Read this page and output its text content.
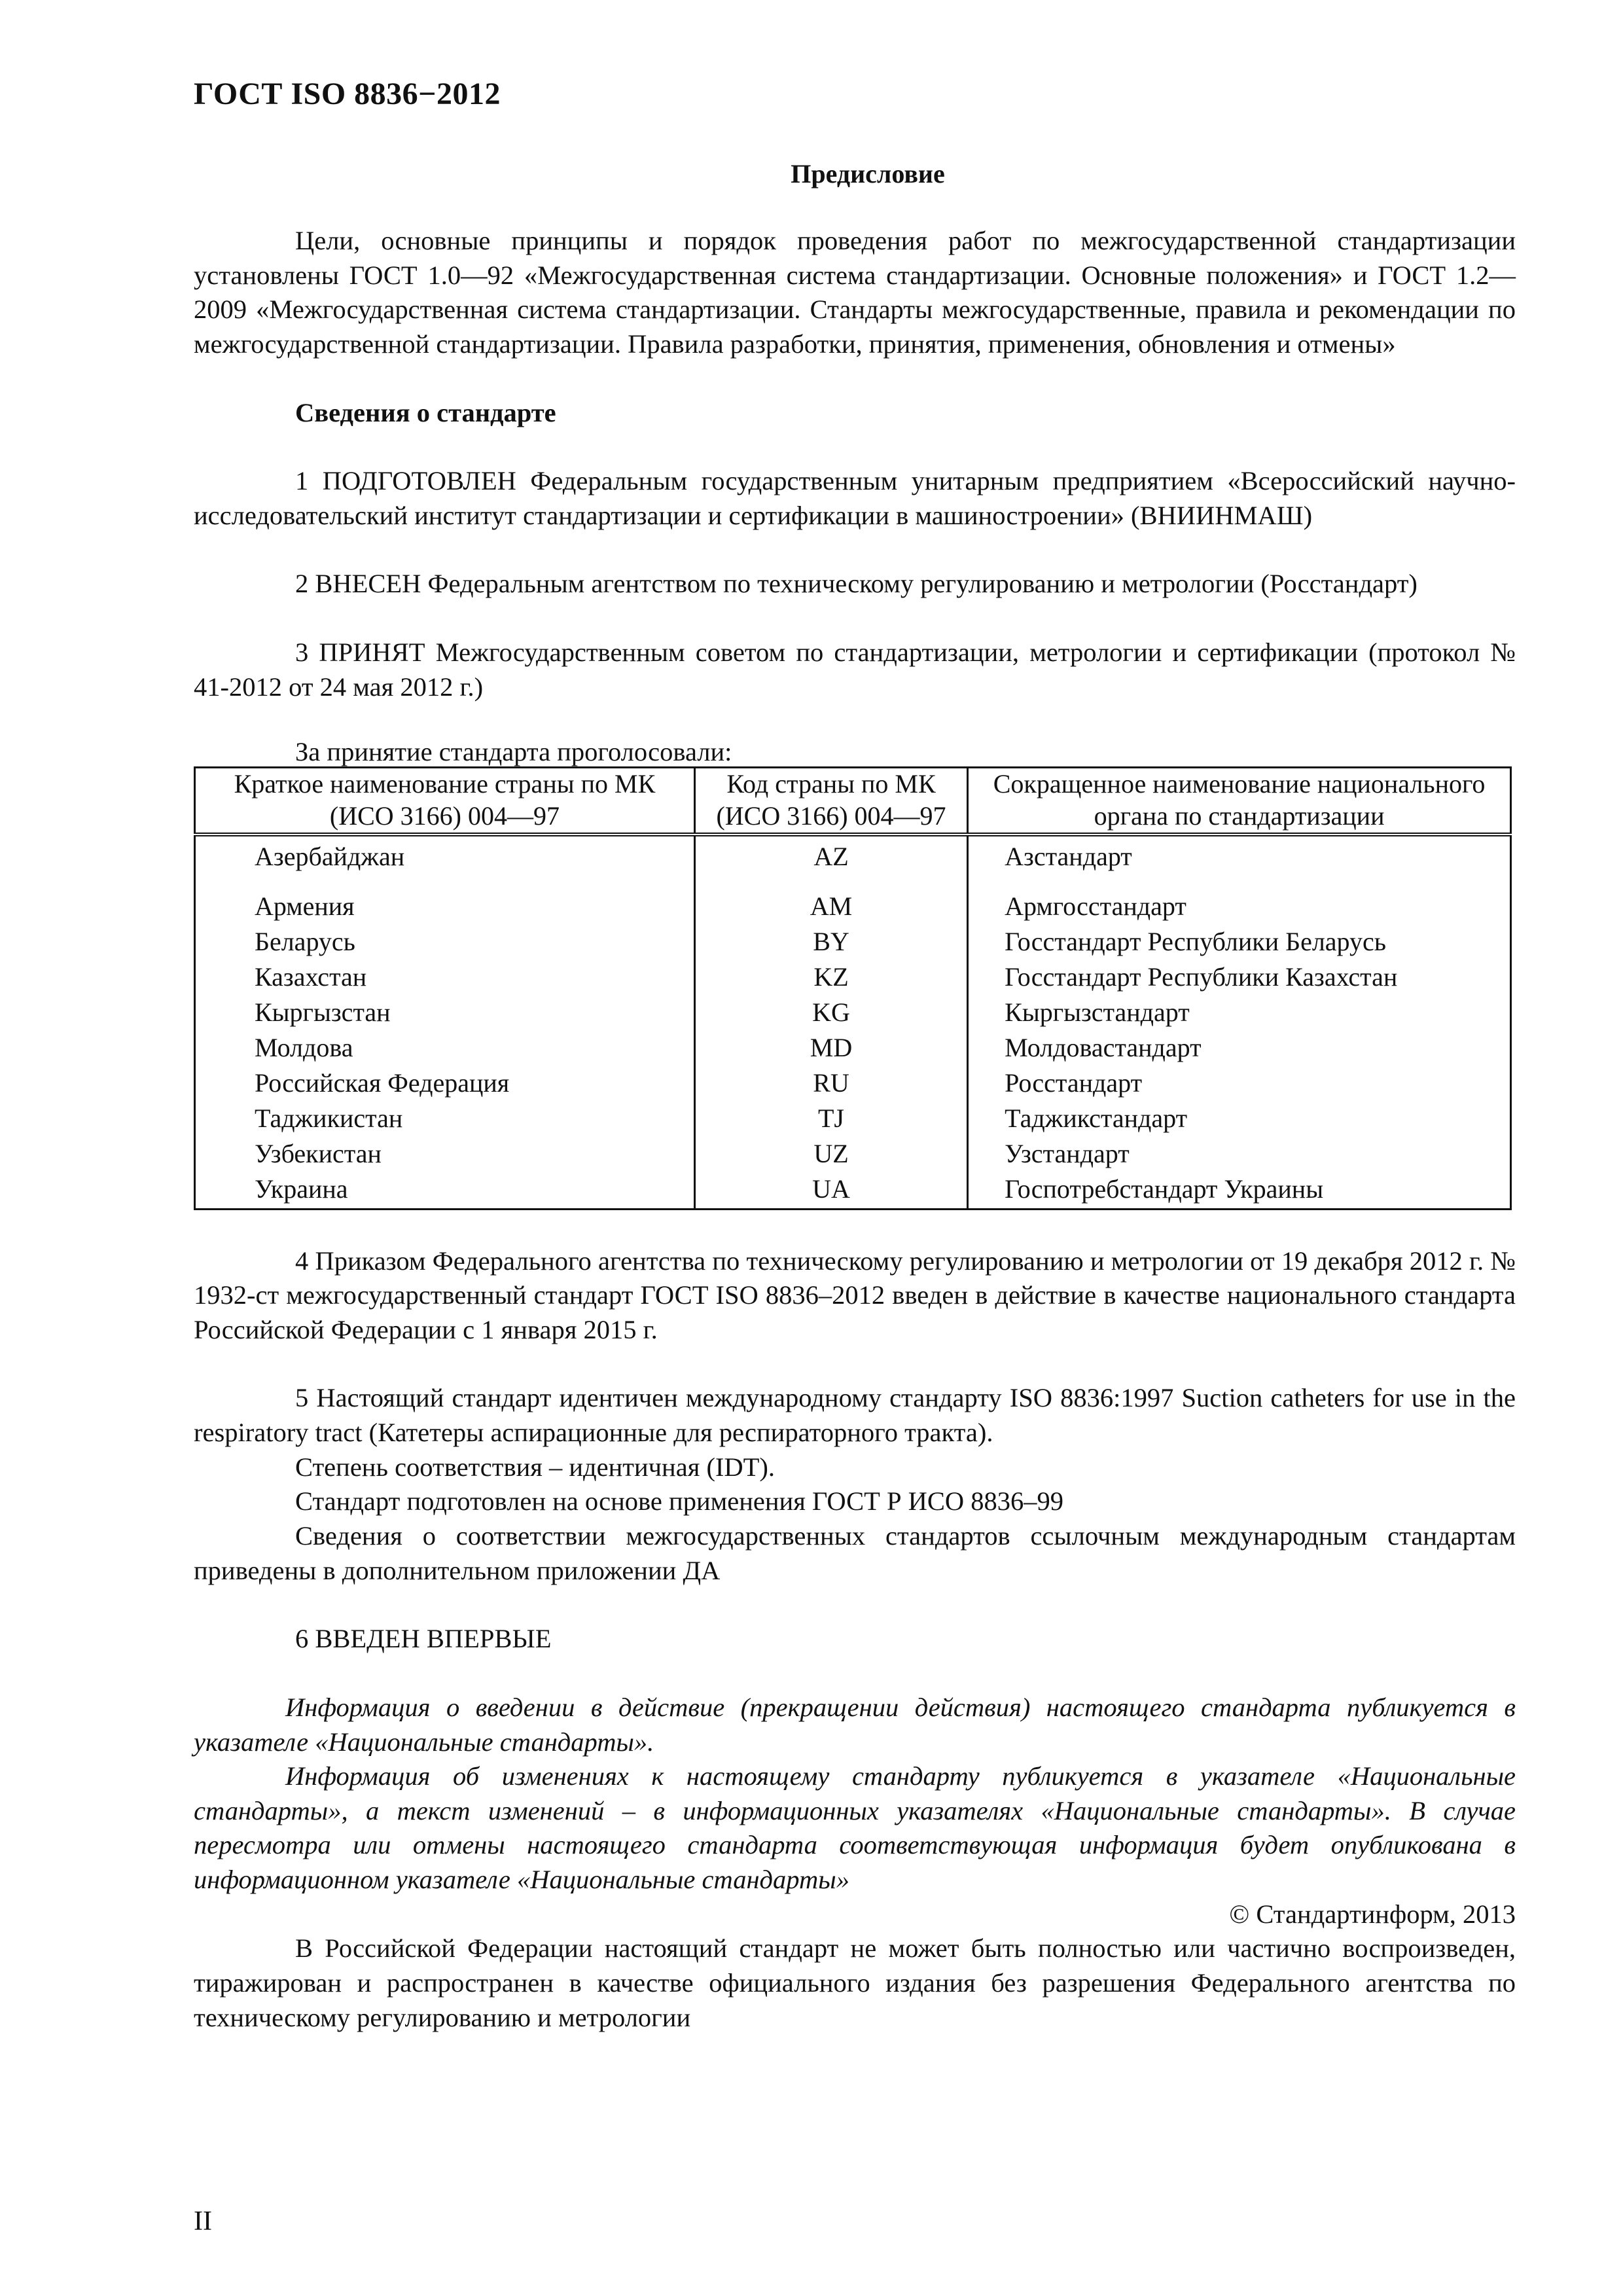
ГОСТ ISO 8836−2012
Предисловие

Цели, основные принципы и порядок проведения работ по межгосударственной стандартизации установлены ГОСТ 1.0—92 «Межгосударственная система стандартизации. Основные положения» и ГОСТ 1.2—2009 «Межгосударственная система стандартизации. Стандарты межгосударственные, правила и рекомендации по межгосударственной стандартизации. Правила разработки, принятия, применения, обновления и отмены»

Сведения о стандарте

1 ПОДГОТОВЛЕН Федеральным государственным унитарным предприятием «Всероссийский научно-исследовательский институт стандартизации и сертификации в машиностроении» (ВНИИНМАШ)

2 ВНЕСЕН Федеральным агентством по техническому регулированию и метрологии (Росстандарт)

3 ПРИНЯТ Межгосударственным советом по стандартизации, метрологии и сертификации (протокол № 41-2012 от 24 мая 2012 г.)

За принятие стандарта проголосовали:

Краткое наименование страны по МК (ИСО 3166) 004—97	Код страны по МК (ИСО 3166) 004—97	Сокращенное наименование национального органа по стандартизации
Азербайджан	AZ	Азстандарт
Армения	AM	Армгосстандарт
Беларусь	BY	Госстандарт Республики Беларусь
Казахстан	KZ	Госстандарт Республики Казахстан
Кыргызстан	KG	Кыргызстандарт
Молдова	MD	Молдовастандарт
Российская Федерация	RU	Росстандарт
Таджикистан	TJ	Таджикстандарт
Узбекистан	UZ	Узстандарт
Украина	UA	Госпотребстандарт Украины

4 Приказом Федерального агентства по техническому регулированию и метрологии от 19 декабря 2012 г. № 1932-ст межгосударственный стандарт ГОСТ ISO 8836–2012 введен в действие в качестве национального стандарта Российской Федерации с 1 января 2015 г.

5 Настоящий стандарт идентичен международному стандарту ISO 8836:1997 Suction catheters for use in the respiratory tract (Катетеры аспирационные для респираторного тракта).

Степень соответствия – идентичная (IDT).

Стандарт подготовлен на основе применения ГОСТ Р ИСО 8836–99

Сведения о соответствии межгосударственных стандартов ссылочным международным стандартам приведены в дополнительном приложении ДА

6 ВВЕДЕН ВПЕРВЫЕ

Информация о введении в действие (прекращении действия) настоящего стандарта публикуется в указателе «Национальные стандарты».

Информация об изменениях к настоящему стандарту публикуется в указателе «Национальные стандарты», а текст изменений – в информационных указателях «Национальные стандарты». В случае пересмотра или отмены настоящего стандарта соответствующая информация будет опубликована в информационном указателе «Национальные стандарты»

© Стандартинформ, 2013

В Российской Федерации настоящий стандарт не может быть полностью или частично воспроизведен, тиражирован и распространен в качестве официального издания без разрешения Федерального агентства по техническому регулированию и метрологии

II
